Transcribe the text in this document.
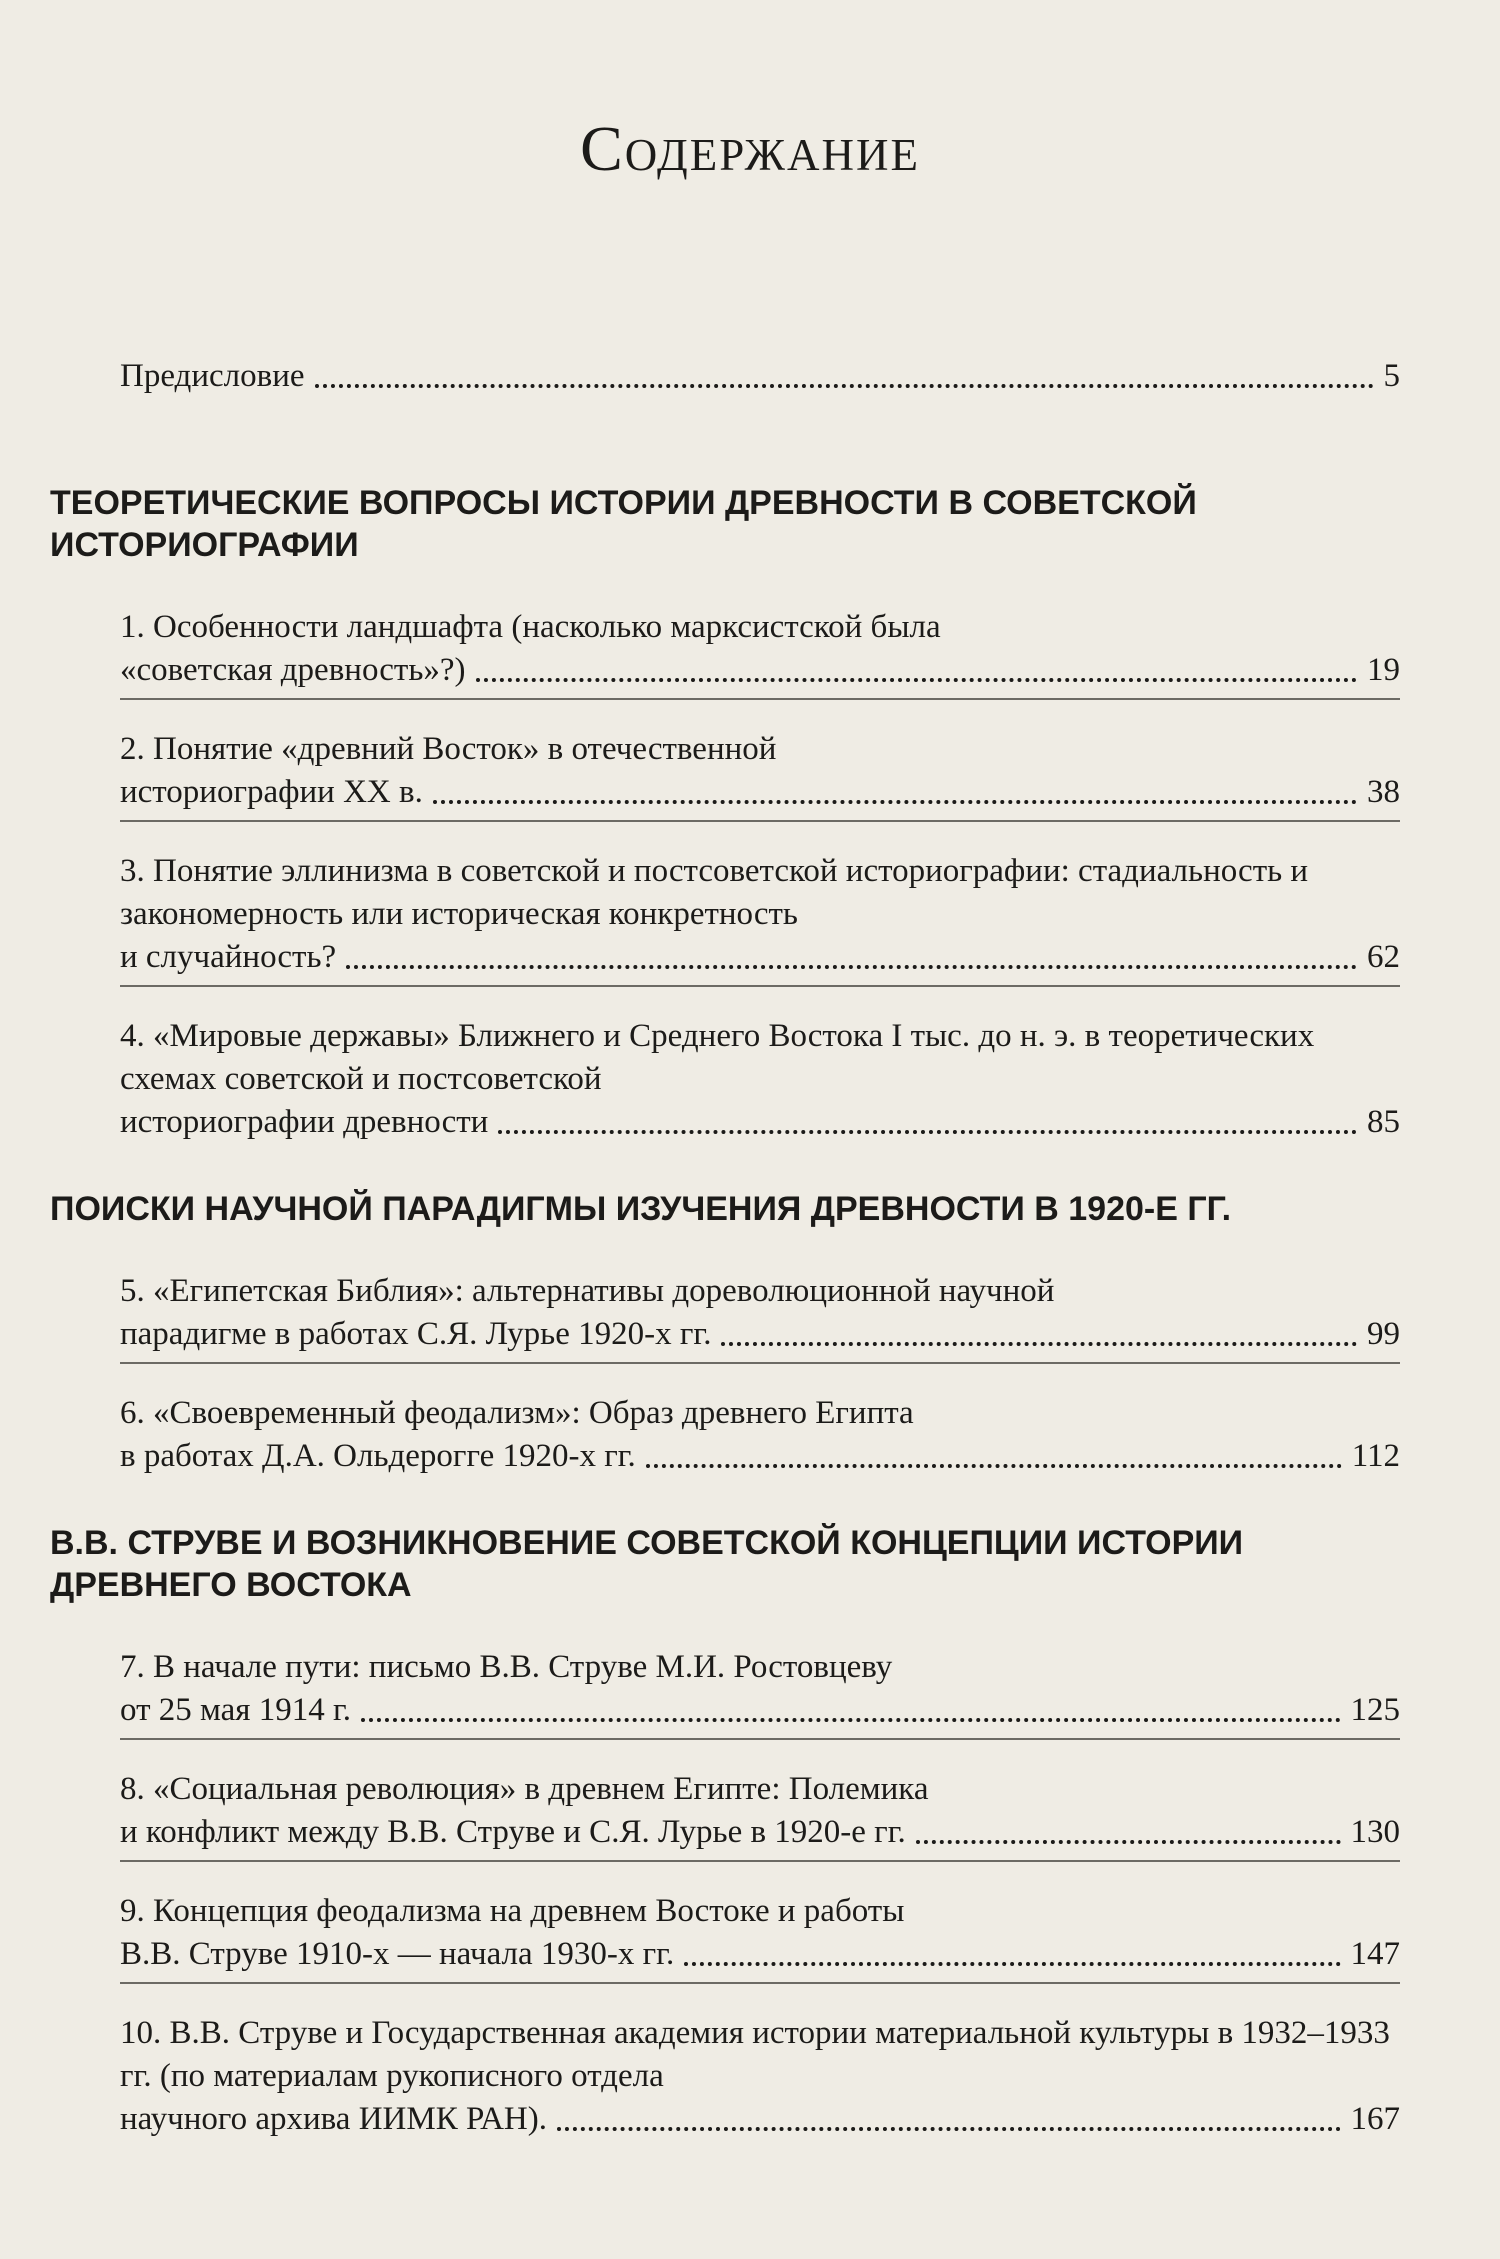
Содержание
Предисловие	5
ТЕОРЕТИЧЕСКИЕ ВОПРОСЫ ИСТОРИИ ДРЕВНОСТИ В СОВЕТСКОЙ ИСТОРИОГРАФИИ
1. Особенности ландшафта (насколько марксистской была
«советская древность»?)	19
2. Понятие «древний Восток» в отечественной
историографии XX в.	38
3. Понятие эллинизма в советской и постсоветской историографии: стадиальность и закономерность или историческая конкретность
и случайность?	62
4. «Мировые державы» Ближнего и Среднего Востока I тыс. до н. э. в теоретических схемах советской и постсоветской
историографии древности	85
ПОИСКИ НАУЧНОЙ ПАРАДИГМЫ ИЗУЧЕНИЯ ДРЕВНОСТИ В 1920-Е ГГ.
5. «Египетская Библия»: альтернативы дореволюционной научной
парадигме в работах С.Я. Лурье 1920-х гг.	99
6. «Своевременный феодализм»: Образ древнего Египта
в работах Д.А. Ольдерогге 1920-х гг.	112
В.В. СТРУВЕ И ВОЗНИКНОВЕНИЕ СОВЕТСКОЙ КОНЦЕПЦИИ ИСТОРИИ ДРЕВНЕГО ВОСТОКА
7. В начале пути: письмо В.В. Струве М.И. Ростовцеву
от 25 мая 1914 г.	125
8. «Социальная революция» в древнем Египте: Полемика
и конфликт между В.В. Струве и С.Я. Лурье в 1920-е гг.	130
9. Концепция феодализма на древнем Востоке и работы
В.В. Струве 1910-х — начала 1930-х гг.	147
10. В.В. Струве и Государственная академия истории материальной культуры в 1932–1933 гг. (по материалам рукописного отдела
научного архива ИИМК РАН).	167
